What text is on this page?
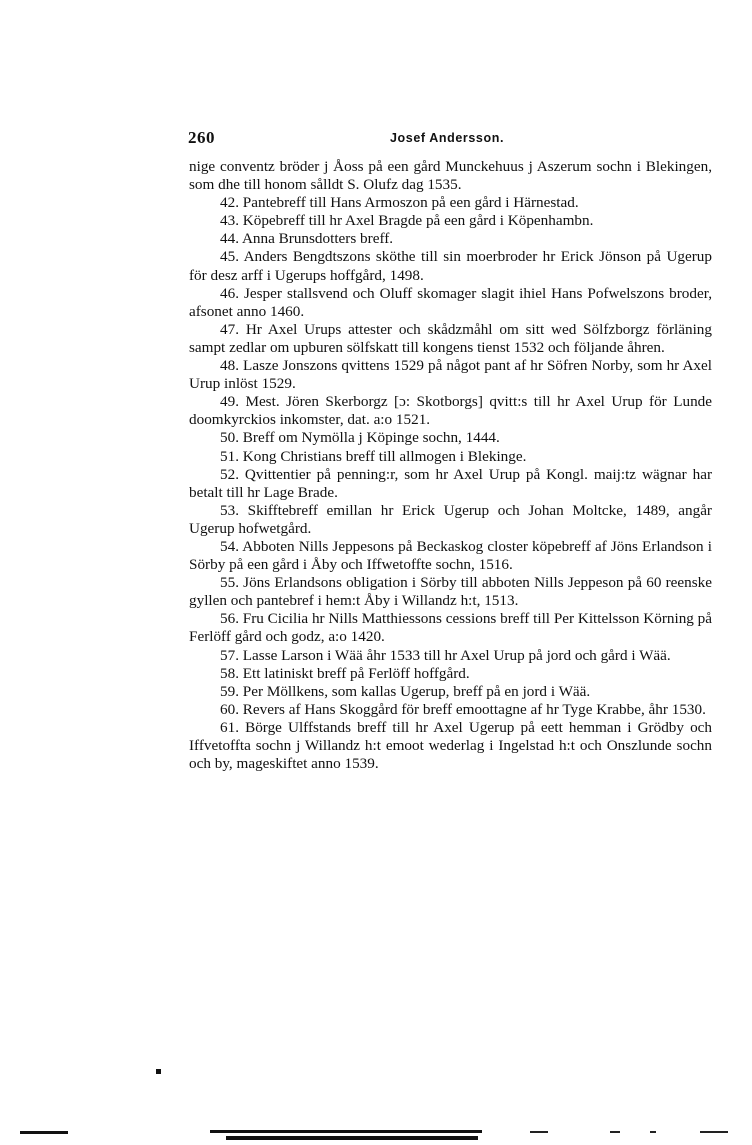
260	Josef Andersson.

nige conventz bröder j Åoss på een gård Munckehuus j Aszerum sochn i Blekingen, som dhe till honom sålldt S. Olufz dag 1535.

42. Pantebreff till Hans Armoszon på een gård i Härnestad.

43. Köpebreff till hr Axel Bragde på een gård i Köpenhambn.

44. Anna Brunsdotters breff.

45. Anders Bengdtszons sköthe till sin moerbroder hr Erick Jönson på Ugerup för desz arff i Ugerups hoffgård, 1498.

46. Jesper stallsvend och Oluff skomager slagit ihiel Hans Pofwelszons broder, afsonet anno 1460.

47. Hr Axel Urups attester och skådzmåhl om sitt wed Sölfzborgz förläning sampt zedlar om upburen sölfskatt till kongens tienst 1532 och följande åhren.

48. Lasze Jonszons qvittens 1529 på något pant af hr Söfren Norby, som hr Axel Urup inlöst 1529.

49. Mest. Jören Skerborgz [ɔ: Skotborgs] qvitt:s till hr Axel Urup för Lunde doomkyrckios inkomster, dat. a:o 1521.

50. Breff om Nymölla j Köpinge sochn, 1444.

51. Kong Christians breff till allmogen i Blekinge.

52. Qvittentier på penning:r, som hr Axel Urup på Kongl. maij:tz wägnar har betalt till hr Lage Brade.

53. Skifftebreff emillan hr Erick Ugerup och Johan Moltcke, 1489, angår Ugerup hofwetgård.

54. Abboten Nills Jeppesons på Beckaskog closter köpebreff af Jöns Erlandson i Sörby på een gård i Åby och Iffwetoffte sochn, 1516.

55. Jöns Erlandsons obligation i Sörby till abboten Nills Jeppeson på 60 reenske gyllen och pantebref i hem:t Åby i Willandz h:t, 1513.

56. Fru Cicilia hr Nills Matthiessons cessions breff till Per Kittelsson Körning på Ferlöff gård och godz, a:o 1420.

57. Lasse Larson i Wää åhr 1533 till hr Axel Urup på jord och gård i Wää.

58. Ett latiniskt breff på Ferlöff hoffgård.

59. Per Möllkens, som kallas Ugerup, breff på en jord i Wää.

60. Revers af Hans Skoggård för breff emoottagne af hr Tyge Krabbe, åhr 1530.

61. Börge Ulffstands breff till hr Axel Ugerup på eett hemman i Grödby och Iffvetoffta sochn j Willandz h:t emoot wederlag i Ingelstad h:t och Onszlunde sochn och by, mageskiftet anno 1539.
